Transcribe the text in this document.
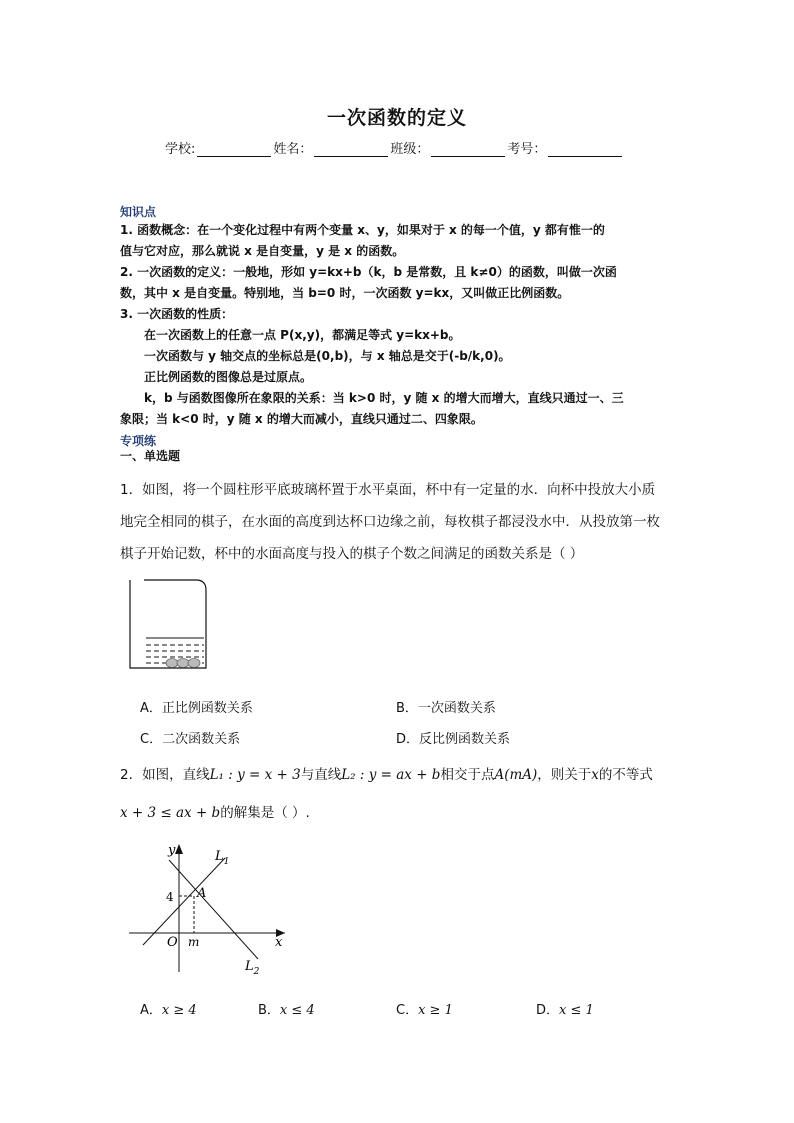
一次函数的定义
学校:	姓名：	班级：	考号：
知识点
1. 函数概念：在一个变化过程中有两个变量 x、y，如果对于 x 的每一个值，y 都有惟一的
值与它对应，那么就说 x 是自变量，y 是 x 的函数。
2. 一次函数的定义：一般地，形如 y=kx+b（k，b 是常数，且 k≠0）的函数，叫做一次函
数，其中 x 是自变量。特别地，当 b=0 时，一次函数 y=kx，又叫做正比例函数。
3. 一次函数的性质：
在一次函数上的任意一点 P(x,y)，都满足等式 y=kx+b。
一次函数与 y 轴交点的坐标总是(0,b)，与 x 轴总是交于(-b/k,0)。
正比例函数的图像总是过原点。
k，b 与函数图像所在象限的关系：当 k>0 时，y 随 x 的增大而增大，直线只通过一、三
象限；当 k<0 时，y 随 x 的增大而减小，直线只通过二、四象限。
专项练
一、单选题
1．如图，将一个圆柱形平底玻璃杯置于水平桌面，杯中有一定量的水．向杯中投放大小质
地完全相同的棋子，在水面的高度到达杯口边缘之前，每枚棋子都浸没水中．从投放第一枚
棋子开始记数，杯中的水面高度与投入的棋子个数之间满足的函数关系是（ ）
A．正比例函数关系	B．一次函数关系
C．二次函数关系	D．反比例函数关系
2．如图，直线L₁ : y = x + 3与直线L₂ : y = ax + b相交于点A(mA)，则关于x的不等式
x + 3 ≤ ax + b的解集是（ ）.
y
x
$L_1$
$L_2$
4 A
O m
A．x ≥ 4	B．x ≤ 4	C．x ≥ 1	D．x ≤ 1
